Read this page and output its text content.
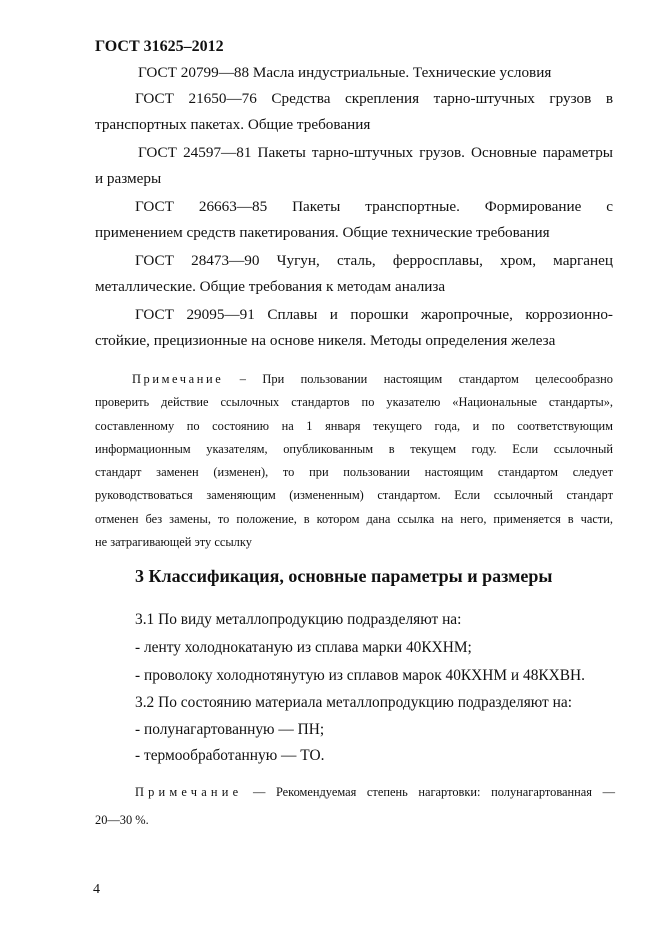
ГОСТ 31625–2012

ГОСТ 20799—88 Масла индустриальные. Технические условия

ГОСТ 21650—76 Средства скрепления тарно-штучных грузов в

транспортных пакетах. Общие требования

ГОСТ 24597—81 Пакеты тарно-штучных грузов. Основные параметры

и размеры

ГОСТ 26663—85 Пакеты транспортные. Формирование с

применением средств пакетирования. Общие технические требования

ГОСТ 28473—90 Чугун, сталь, ферросплавы, хром, марганец

металлические. Общие требования к методам анализа

ГОСТ 29095—91 Сплавы и порошки жаропрочные, коррозионно-

стойкие, прецизионные на основе никеля. Методы определения железа

Примечание – При пользовании настоящим стандартом целесообразно
проверить действие ссылочных стандартов по указателю «Национальные стандарты»,
составленному по состоянию на 1 января текущего года, и по соответствующим
информационным указателям, опубликованным в текущем году. Если ссылочный
стандарт заменен (изменен), то при пользовании настоящим стандартом следует
руководствоваться заменяющим (измененным) стандартом. Если ссылочный стандарт
отменен без замены, то положение, в котором дана ссылка на него, применяется в части,
не затрагивающей эту ссылку
3 Классификация, основные параметры и размеры
3.1 По виду металлопродукцию подразделяют на:
- ленту холоднокатаную из сплава марки 40КХНМ;
- проволоку холоднотянутую из сплавов марок 40КХНМ и 48КХВН.
3.2 По состоянию материала металлопродукцию подразделяют на:
- полунагартованную — ПН;
- термообработанную — ТО.
Примечание — Рекомендуемая степень нагартовки: полунагартованная —
20—30 %.
4
